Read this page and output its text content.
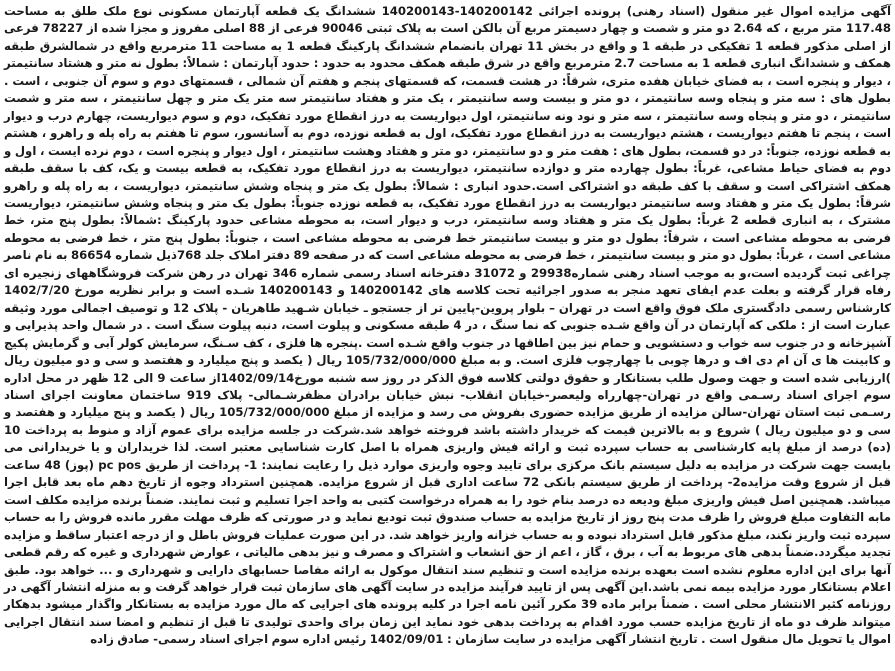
آگهی مزایده اموال غیر منقول (اسناد رهنی) پرونده اجرائی 140200142-140200143 ششدانگ یک قطعه آپارتمان مسکونی نوع ملک طلق به مساحت 117.48 متر مربع ، که 2.64 دو متر و شصت و چهار دسیمتر مربع آن بالکن است به پلاک ثبتی 90046 فرعی از 88 اصلی مفروز و مجزا شده از 78227 فرعی از اصلی مذکور قطعه 1 تفکیکی در طبقه 1 و واقع در بخش 11 تهران بانضمام ششدانگ پارکینگ قطعه 1 به مساحت 11 مترمربع واقع در شمالشرق طبقه همکف و ششدانگ انباری قطعه 1 به مساحت 2.7 مترمربع واقع در شرق طبقه همکف محدود به حدود : حدود آپارتمان : شمالاً: بطول نه متر و هشتاد سانتیمتر ، دیوار و پنجره است ، به فضای خیابان هفده متری، شرقاً: در هشت قسمت، که قسمتهای پنجم و هفتم آن شمالی ، قسمتهای دوم و سوم آن جنوبی ، است . بطول های : سه متر و پنجاه وسه سانتیمتر ، دو متر و بیست وسه سانتیمتر ، یک متر و هفتاد سانتیمتر سه متر یک متر و چهل سانتیمتر ، سه متر و شصت سانتیمتر ، دو متر و پنجاه وسه سانتیمتر ، سه متر و نود ونه سانتیمتر، اول دیواریست به درز انقطاع مورد تفکیک، دوم و سوم دیواریست، چهارم درب و دیوار است ، پنجم تا هفتم دیواریست ، هشتم دیواریست به درز انقطاع مورد تفکیک، اول به قطعه نوزده، دوم به آسانسور، سوم تا هفتم به راه پله و راهرو ، هشتم به قطعه نوزده، جنوباً: در دو قسمت، بطول های : هفت متر و دو سانتیمتر، دو متر و هفتاد وهشت سانتیمتر ، اول دیوار و پنجره است ، دوم نرده ایست ، اول و دوم به فضای حیاط مشاعی، غرباً: بطول چهارده متر و دوازده سانتیمتر، دیواریست به درز انقطاع مورد تفکیک، به قطعه بیست و یک، کف با سقف طبقه همکف اشتراکی است و سقف با کف طبقه دو اشتراکی است.حدود انباری : شمالاً: بطول یک متر و پنجاه وشش سانتیمتر، دیواریست ، به راه پله و راهرو شرقاً: بطول یک متر و هفتاد وسه سانتیمتر دیواریست به درز انقطاع مورد تفکیک، به قطعه نوزده جنوباً: بطول یک متر و پنجاه وشش سانتیمتر، دیواریست مشترک ، به انباری قطعه 2 غرباً: بطول یک متر و هفتاد وسه سانتیمتر، درب و دیوار است، به محوطه مشاعی حدود پارکینگ :شمالاً: بطول پنج متر، خط فرضی به محوطه مشاعی است ، شرقاً: بطول دو متر و بیست سانتیمتر خط فرضی به محوطه مشاعی است ، جنوباً: بطول پنج متر ، خط فرضی به محوطه مشاعی است ، غرباً: بطول دو متر و بیست سانتیمتر ، خط فرضی به محوطه مشاعی است که در صفحه 89 دفتر املاک جلد 768ذیل شماره 86654 به نام ناصر چراغی ثبت گردیده است،و به موجب اسناد رهنی شماره29938 و 31072 دفترخانه اسناد رسمی شماره 346 تهران در رهن شرکت فروشگاههای زنجیره ای رفاه قرار گرفته و بعلت عدم ایفای تعهد منجر به صدور اجرائیه تحت کلاسه های 140200142 و 140200143 شـده است و برابر نظریه مورخ 1402/7/20 کارشناس رسمی دادگستری ملک فوق واقع است در تهران – بلوار پروین-پایین تر از جستجو ـ خیابان شـهید طاهریان - پلاک 12 و توصیف اجمالی مورد وثیقه عبارت است از : ملکی که آپارتمان در آن واقع شـده جنوبی که نما سنگ ، در 4 طبقه مسکونی و پیلوت است، دنبه پیلوت سنگ است . در شمال واحد پذیرایی و آشپزخانه و در جنوب سه خواب و دستشویی و حمام نیز بین اطاقها در جنوب واقع شـده است .پنجره ها فلزی ، کف سـنگ، سرمایش کولر آبی و گرمایش پکیج و کابینت ها ی آن ام دی اف و درها چوبی با چهارچوب فلزی است. و به مبلغ 105/732/000/000 ریال ( یکصد و پنج میلیارد و هفتصد و سی و دو میلیون ریال )ارزیابی شده است و جهت وصول طلب بستانکار و حقوق دولتی کلاسه فوق الذکر در روز سه شنبه مورخ1402/09/14از ساعت 9 الی 12 ظهر در محل اداره سوم اجرای اسناد رسـمی واقع در تهران-چهارراه ولیعصر-خیابان انقلاب- نبش خیابان برادران مظفرشـمالی- پلاک 919 ساختمان معاونت اجرای اسناد رسـمی ثبت استان تهران-سالن مزایده از طریق مزایده حضوری بفروش می رسد و مزایده از مبلغ 105/732/000/000 ریال ( یکصد و پنج میلیارد و هفتصد و سی و دو میلیون ریال ) شروع و به بالاترین قیمت که خریدار داشته باشد فروخته خواهد شد.شرکت در جلسه مزایده برای عموم آزاد و منوط به پرداخت 10 (ده) درصد از مبلغ پایه کارشناسی به حساب سپرده ثبت و ارائه فیش واریزی همراه با اصل کارت شناسایی معتبر است. لذا خریداران و یا خریدارانی می بایست جهت شرکت در مزایده به دلیل سیستم بانک مرکزی برای تایید وجوه واریزی موارد ذیل را رعایت نمایند: 1- پرداخت از طریق pc pos (پوز) 48 ساعت قبل از شروع وقت مزایده2- پرداخت از طریق سیستم بانکی 72 ساعت اداری قبل از شروع مزایده. همچنین استرداد وجوه از تاریخ دهم ماه بعد قابل اجرا میباشد. همچنین اصل فیش واریزی مبلغ ودیعه ده درصد بنام خود را به همراه درخواست کتبی به واحد اجرا تسلیم و ثبت نمایند. ضمناً برنده مزایده مکلف است مابه التفاوت مبلغ فروش را ظرف مدت پنج روز از تاریخ مزایده به حساب صندوق ثبت تودیع نماید و در صورتی که ظرف مهلت مقرر مانده فروش را به حساب سپرده ثبت واریز نکند، مبلغ مذکور قابل استرداد نبوده و به حساب خزانه واریز خواهد شد. در این صورت عملیات فروش باطل و از درجه اعتبار ساقط و مزایده تجدید میگردد.ضمناً بدهی های مربوط به آب ، برق ، گاز ، اعم از حق انشعاب و اشتراک و مصرف و نیز بدهی مالیاتی ، عوارض شهرداری و غیره که رقم قطعی آنها برای این اداره معلوم نشده است بعهده برنده مزایده است و تنظیم سند انتقال موکول به ارائه مفاصا حسابهای دارایی و شهرداری و ... خواهد بود. طبق اعلام بستانکار مورد مزایده بیمه نمی باشد.این آگهی پس از تایید فرآیند مزایده در سایت آگهی های سازمان ثبت قرار خواهد گرفت و به منزله انتشار آگهی در روزنامه کثیر الانتشار محلی است . ضمناً برابر ماده 39 مکرر آئین نامه اجرا در کلیه پرونده های اجرایی که مال مورد مزایده به بستانکار واگذار میشود بدهکار میتواند ظرف دو ماه از تاریخ مزایده حسب مورد اقدام به پرداخت بدهی خود نماید این زمان برای واحدی تولیدی تا قبل از تنظیم و امضا سند انتقال اجرایی اموال یا تحویل مال منقول است . تاریخ انتشار آگهی مزایده در سایت سازمان : 1402/09/01 رئیس اداره سوم اجرای اسناد رسمی- صادق زاده
